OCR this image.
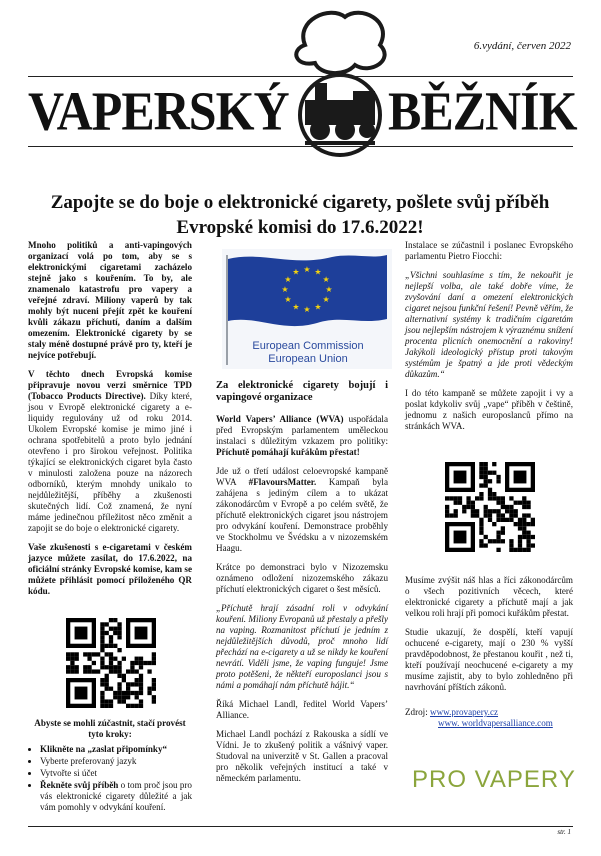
6.vydání, červen 2022
VAPERSKÝ BĚŽNÍK
Zapojte se do boje o elektronické cigarety, pošlete svůj příběh Evropské komisi do 17.6.2022!

Mnoho politiků a anti-vapingových organizací volá po tom, aby se s elektronickými cigaretami zacházelo stejně jako s kouřením. To by, ale znamenalo katastrofu pro vapery a veřejné zdraví. Miliony vaperů by tak mohly být nuceni přejít zpět ke kouření kvůli zákazu příchutí, daním a dalším omezením. Elektronické cigarety by se staly méně dostupné právě pro ty, kteří je nejvíce potřebují.

V těchto dnech Evropská komise připravuje novou verzi směrnice TPD (Tobacco Products Directive). Díky které, jsou v Evropě elektronické cigarety a e-liquidy regulovány už od roku 2014. Ukolem Evropské komise je mimo jiné i ochrana spotřebitelů a proto bylo jednání otevřeno i pro širokou veřejnost. Politika týkající se elektronických cigaret byla často v minulosti založena pouze na názorech odborníků, kterým mnohdy unikalo to nejdůležitější, příběhy a zkušenosti skutečných lidí. Což znamená, že nyní máme jedinečnou příležitost něco změnit a zapojit se do boje o elektronické cigarety.

Vaše zkušenosti s e-cigaretami v českém jazyce můžete zasílat, do 17.6.2022, na oficiální stránky Evropské komise, kam se můžete přihlásit pomocí přiloženého QR kódu.

Abyste se mohli zúčastnit, stačí provést tyto kroky:

• Klikněte na „zaslat připomínky“
• Vyberte preferovaný jazyk
• Vytvořte si účet
• Řekněte svůj příběh o tom proč jsou pro vás elektronické cigarety důležité a jak vám pomohly v odvykání kouření.
★
★
★
★
★
★
★
★
★ ★ ★
★
European Commission
European Union

Za elektronické cigarety bojují i vapingové organizace

World Vapers’ Alliance (WVA) uspořádala před Evropským parlamentem uměleckou instalaci s důležitým vzkazem pro politiky: Příchutě pomáhají kuřákům přestat!

Jde už o třetí událost celoevropské kampaně WVA #FlavoursMatter. Kampaň byla zahájena s jediným cílem a to ukázat zákonodárcům v Evropě a po celém světě, že příchutě elektronických cigaret jsou nástrojem pro odvykání kouření. Demonstrace proběhly ve Stockholmu ve Švédsku a v nizozemském Haagu.

Krátce po demonstraci bylo v Nizozemsku oznámeno odložení nizozemského zákazu příchutí elektronických cigaret o šest měsíců.

„Příchutě hrají zásadní roli v odvykání kouření. Miliony Evropanů už přestaly a přešly na vaping. Rozmanitost příchutí je jedním z nejdůležitějších důvodů, proč mnoho lidí přechází na e-cigarety a už se nikdy ke kouření nevrátí. Viděli jsme, že vaping funguje! Jsme proto potěšeni, že někteří europoslanci jsou s námi a pomáhají nám příchutě hájit.“

Říká Michael Landl, ředitel World Vapers’ Alliance.

Michael Landl pochází z Rakouska a sídlí ve Vídni. Je to zkušený politik a vášnivý vaper. Studoval na univerzitě v St. Gallen a pracoval pro několik veřejných institucí a také v německém parlamentu.

Instalace se zúčastnil i poslanec Evropského parlamentu Pietro Fiocchi:

„Všichni souhlasíme s tím, že nekouřit je nejlepší volba, ale také dobře víme, že zvyšování daní a omezení elektronických cigaret nejsou funkční řešení! Pevně věřím, že alternativní systémy k tradičním cigaretám jsou nejlepším nástrojem k výraznému snížení procenta plicních onemocnění a rakoviny! Jakýkoli ideologický přístup proti takovým systémům je špatný a jde proti vědeckým důkazům.“

I do této kampaně se můžete zapojit i vy a poslat kdykoliv svůj „vape“ příběh v češtině, jednomu z našich europoslanců přímo na stránkách WVA.

Musíme zvýšit náš hlas a říci zákonodárcům o všech pozitivních věcech, které elektronické cigarety a příchutě mají a jak velkou roli hrají při pomoci kuřákům přestat.

Studie ukazují, že dospělí, kteří vapují ochucené e-cigarety, mají o 230 % vyšší pravděpodobnost, že přestanou kouřit , než ti, kteří používají neochucené e-cigarety a my musíme zajistit, aby to bylo zohledněno při navrhování příštích zákonů.

Zdroj: www.provapery.cz
www. worldvapersalliance.com

PRO VAPERY
str. 1
